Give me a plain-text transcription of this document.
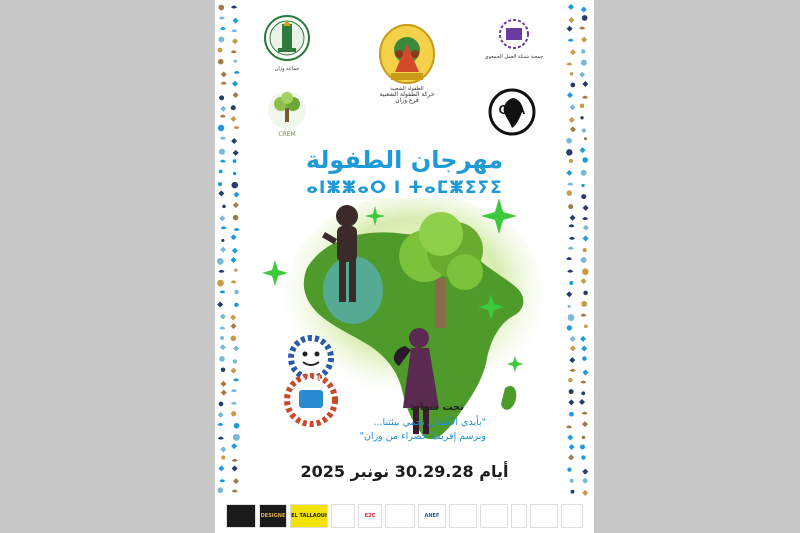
جماعة وزان
الطفولة الشعبية
حركة الطفولة الشعبية
فرع وزان
جمعية شبكة العمل الجمعوي
CREM
OJA
مهرجان الطفولة
ⴰⵏⵥⵥⴰⵔ ⵏ ⵜⴰⵎⵥⵉⵢⵉ
الدورة
8
تحت شعار:
"بأيدي الأطفال نحمي بيئتنا...
ونرسم إفريقيا خضراء من وزان"
أيام 30.29.28 نونبر 2025
DESIGNE	EL TALLAOUI	E2C	ANEF
